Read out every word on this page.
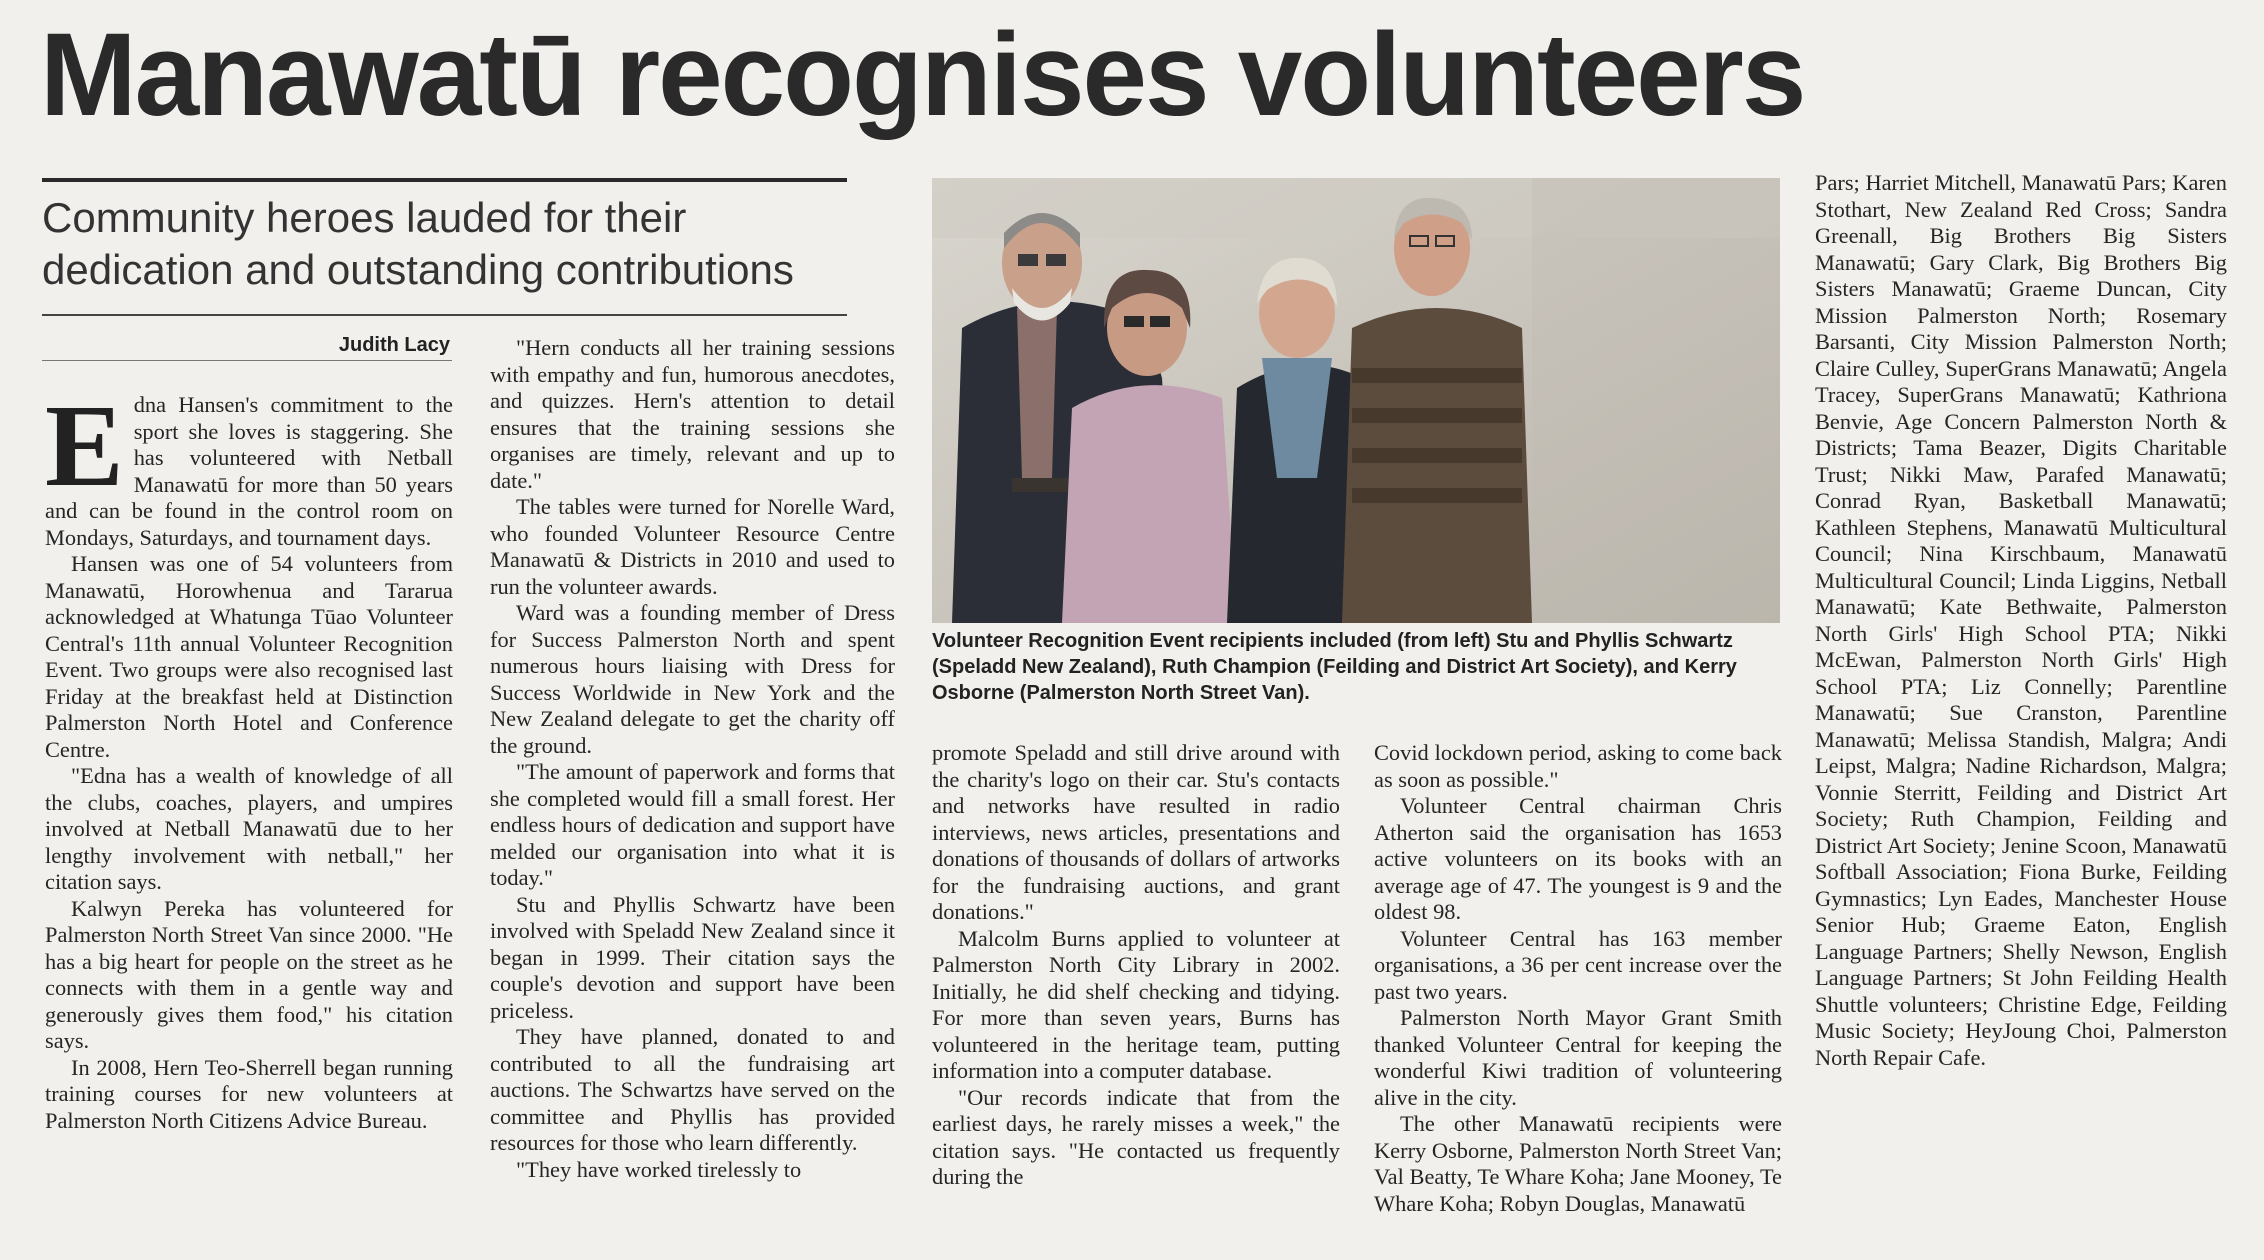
Manawatū recognises volunteers
Community heroes lauded for their dedication and outstanding contributions
Judith Lacy

Edna Hansen's commitment to the sport she loves is staggering. She has volunteered with Netball Manawatū for more than 50 years and can be found in the control room on Mondays, Saturdays, and tournament days.

Hansen was one of 54 volunteers from Manawatū, Horowhenua and Tararua acknowledged at Whatunga Tūao Volunteer Central's 11th annual Volunteer Recognition Event. Two groups were also recognised last Friday at the breakfast held at Distinction Palmerston North Hotel and Conference Centre.

"Edna has a wealth of knowledge of all the clubs, coaches, players, and umpires involved at Netball Manawatū due to her lengthy involvement with netball," her citation says.

Kalwyn Pereka has volunteered for Palmerston North Street Van since 2000. "He has a big heart for people on the street as he connects with them in a gentle way and generously gives them food," his citation says.

In 2008, Hern Teo-Sherrell began running training courses for new volunteers at Palmerston North Citizens Advice Bureau.

"Hern conducts all her training sessions with empathy and fun, humorous anecdotes, and quizzes. Hern's attention to detail ensures that the training sessions she organises are timely, relevant and up to date."

The tables were turned for Norelle Ward, who founded Volunteer Resource Centre Manawatū & Districts in 2010 and used to run the volunteer awards.

Ward was a founding member of Dress for Success Palmerston North and spent numerous hours liaising with Dress for Success Worldwide in New York and the New Zealand delegate to get the charity off the ground.

"The amount of paperwork and forms that she completed would fill a small forest. Her endless hours of dedication and support have melded our organisation into what it is today."

Stu and Phyllis Schwartz have been involved with Speladd New Zealand since it began in 1999. Their citation says the couple's devotion and support have been priceless.

They have planned, donated to and contributed to all the fundraising art auctions. The Schwartzs have served on the committee and Phyllis has provided resources for those who learn differently.

"They have worked tirelessly to

Volunteer Recognition Event recipients included (from left) Stu and Phyllis Schwartz (Speladd New Zealand), Ruth Champion (Feilding and District Art Society), and Kerry Osborne (Palmerston North Street Van).

promote Speladd and still drive around with the charity's logo on their car. Stu's contacts and networks have resulted in radio interviews, news articles, presentations and donations of thousands of dollars of artworks for the fundraising auctions, and grant donations."

Malcolm Burns applied to volunteer at Palmerston North City Library in 2002. Initially, he did shelf checking and tidying. For more than seven years, Burns has volunteered in the heritage team, putting information into a computer database.

"Our records indicate that from the earliest days, he rarely misses a week," the citation says. "He contacted us frequently during the

Covid lockdown period, asking to come back as soon as possible."

Volunteer Central chairman Chris Atherton said the organisation has 1653 active volunteers on its books with an average age of 47. The youngest is 9 and the oldest 98.

Volunteer Central has 163 member organisations, a 36 per cent increase over the past two years.

Palmerston North Mayor Grant Smith thanked Volunteer Central for keeping the wonderful Kiwi tradition of volunteering alive in the city.

The other Manawatū recipients were Kerry Osborne, Palmerston North Street Van; Val Beatty, Te Whare Koha; Jane Mooney, Te Whare Koha; Robyn Douglas, Manawatū

Pars; Harriet Mitchell, Manawatū Pars; Karen Stothart, New Zealand Red Cross; Sandra Greenall, Big Brothers Big Sisters Manawatū; Gary Clark, Big Brothers Big Sisters Manawatū; Graeme Duncan, City Mission Palmerston North; Rosemary Barsanti, City Mission Palmerston North; Claire Culley, SuperGrans Manawatū; Angela Tracey, SuperGrans Manawatū; Kathriona Benvie, Age Concern Palmerston North & Districts; Tama Beazer, Digits Charitable Trust; Nikki Maw, Parafed Manawatū; Conrad Ryan, Basketball Manawatū; Kathleen Stephens, Manawatū Multicultural Council; Nina Kirschbaum, Manawatū Multicultural Council; Linda Liggins, Netball Manawatū; Kate Bethwaite, Palmerston North Girls' High School PTA; Nikki McEwan, Palmerston North Girls' High School PTA; Liz Connelly; Parentline Manawatū; Sue Cranston, Parentline Manawatū; Melissa Standish, Malgra; Andi Leipst, Malgra; Nadine Richardson, Malgra; Vonnie Sterritt, Feilding and District Art Society; Ruth Champion, Feilding and District Art Society; Jenine Scoon, Manawatū Softball Association; Fiona Burke, Feilding Gymnastics; Lyn Eades, Manchester House Senior Hub; Graeme Eaton, English Language Partners; Shelly Newson, English Language Partners; St John Feilding Health Shuttle volunteers; Christine Edge, Feilding Music Society; HeyJoung Choi, Palmerston North Repair Cafe.
